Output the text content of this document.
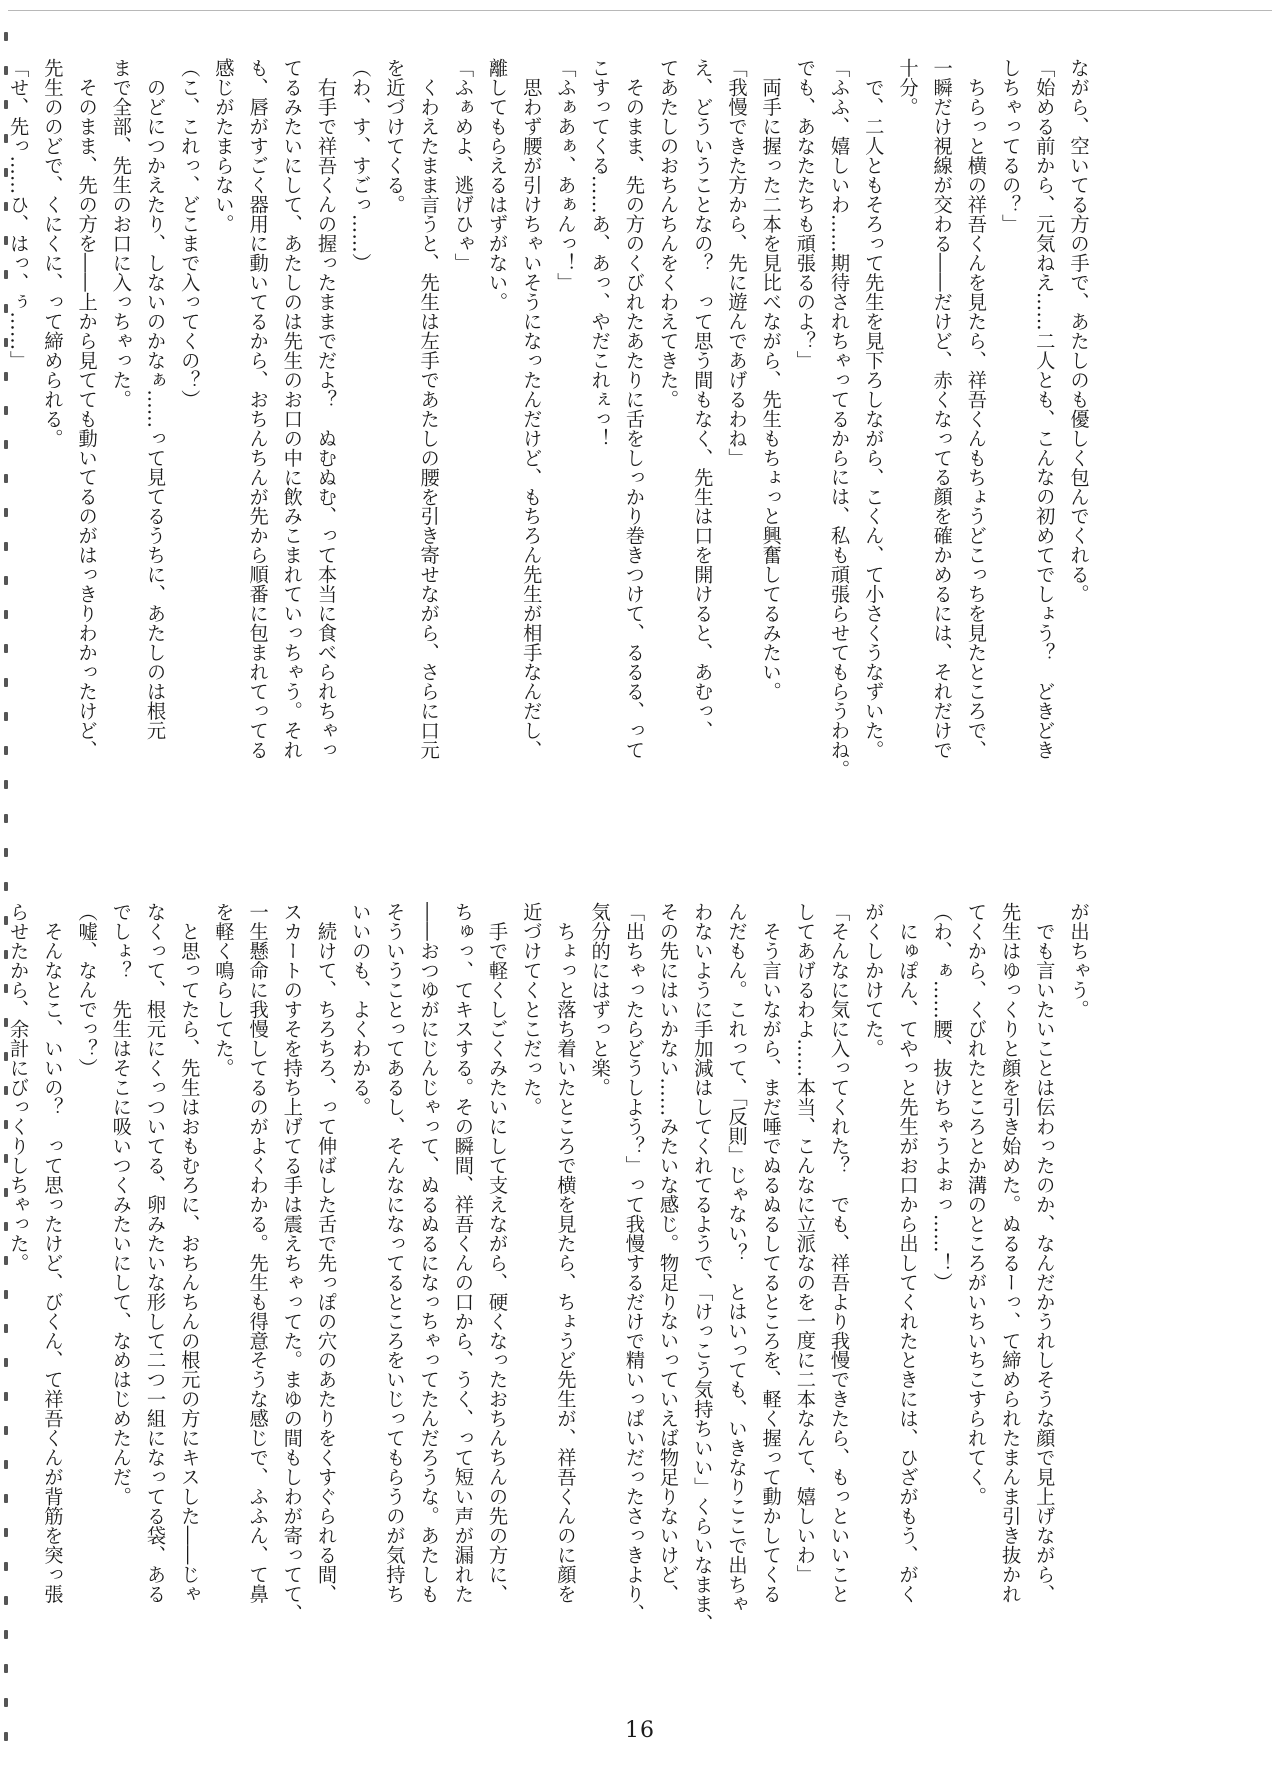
ながら、空いてる方の手で、あたしのも優しく包んでくれる。

「始める前から、元気ねえ……二人とも、こんなの初めてでしょう？　どきどき

しちゃってるの？」

　ちらっと横の祥吾くんを見たら、祥吾くんもちょうどこっちを見たところで、

一瞬だけ視線が交わる――だけど、赤くなってる顔を確かめるには、それだけで

十分。

　で、二人ともそろって先生を見下ろしながら、こくん、て小さくうなずいた。

「ふふ、嬉しいわ……期待されちゃってるからには、私も頑張らせてもらうわね。

でも、あなたたちも頑張るのよ？」

　両手に握った二本を見比べながら、先生もちょっと興奮してるみたい。

「我慢できた方から、先に遊んであげるわね」

え、どういうことなの？　って思う間もなく、先生は口を開けると、あむっ、

てあたしのおちんちんをくわえてきた。

　そのまま、先の方のくびれたあたりに舌をしっかり巻きつけて、るるる、って

こすってくる……あ、あっ、やだこれぇっ！

「ふぁあぁ、あぁんっ！」

　思わず腰が引けちゃいそうになったんだけど、もちろん先生が相手なんだし、

離してもらえるはずがない。

「ふぁめよ、逃げひゃ」

　くわえたまま言うと、先生は左手であたしの腰を引き寄せながら、さらに口元

を近づけてくる。

（わ、す、すごっ……）

　右手で祥吾くんの握ったままでだよ？　ぬむぬむ、って本当に食べられちゃっ

てるみたいにして、あたしのは先生のお口の中に飲みこまれていっちゃう。それ

も、唇がすごく器用に動いてるから、おちんちんが先から順番に包まれてってる

感じがたまらない。

（こ、これっ、どこまで入ってくの？）

　のどにつかえたり、しないのかなぁ……って見てるうちに、あたしのは根元

まで全部、先生のお口に入っちゃった。

　そのまま、先の方を――上から見てても動いてるのがはっきりわかったけど、

先生ののどで、くにくに、って締められる。

「せ、先っ……ひ、はっ、ぅ……」

が出ちゃう。

　でも言いたいことは伝わったのか、なんだかうれしそうな顔で見上げながら、

先生はゆっくりと顔を引き始めた。ぬるるーっ、て締められたまんま引き抜かれ

てくから、くびれたところとか溝のところがいちいちこすられてく。

（わ、ぁ……腰、抜けちゃうよぉっ……！）

　にゅぽん、てやっと先生がお口から出してくれたときには、ひざがもう、がく

がくしかけてた。

「そんなに気に入ってくれた？　でも、祥吾より我慢できたら、もっといいこと

してあげるわよ……本当、こんなに立派なのを一度に二本なんて、嬉しいわ」

　そう言いながら、まだ唾でぬるぬるしてるところを、軽く握って動かしてくる

んだもん。これって、「反則」じゃない？　とはいっても、いきなりここで出ちゃ

わないように手加減はしてくれてるようで、「けっこう気持ちいい」くらいなまま、

その先にはいかない……みたいな感じ。物足りないっていえば物足りないけど、

「出ちゃったらどうしよう？」って我慢するだけで精いっぱいだったさっきより、

気分的にはずっと楽。

　ちょっと落ち着いたところで横を見たら、ちょうど先生が、祥吾くんのに顔を

近づけてくとこだった。

　手で軽くしごくみたいにして支えながら、硬くなったおちんちんの先の方に、

ちゅっ、てキスする。その瞬間、祥吾くんの口から、うく、って短い声が漏れた

――おつゆがにじんじゃって、ぬるぬるになっちゃってたんだろうな。あたしも

そういうことってあるし、そんなになってるところをいじってもらうのが気持ち

いいのも、よくわかる。

　続けて、ちろちろ、って伸ばした舌で先っぽの穴のあたりをくすぐられる間、

スカートのすそを持ち上げてる手は震えちゃってた。まゆの間もしわが寄ってて、

一生懸命に我慢してるのがよくわかる。先生も得意そうな感じで、ふふん、て鼻

を軽く鳴らしてた。

　と思ってたら、先生はおもむろに、おちんちんの根元の方にキスした――じゃ

なくって、根元にくっついてる、卵みたいな形して二つ一組になってる袋、ある

でしょ？　先生はそこに吸いつくみたいにして、なめはじめたんだ。

（嘘、なんでっ？）

　そんなとこ、いいの？　って思ったけど、びくん、て祥吾くんが背筋を突っ張

らせたから、余計にびっくりしちゃった。

16
